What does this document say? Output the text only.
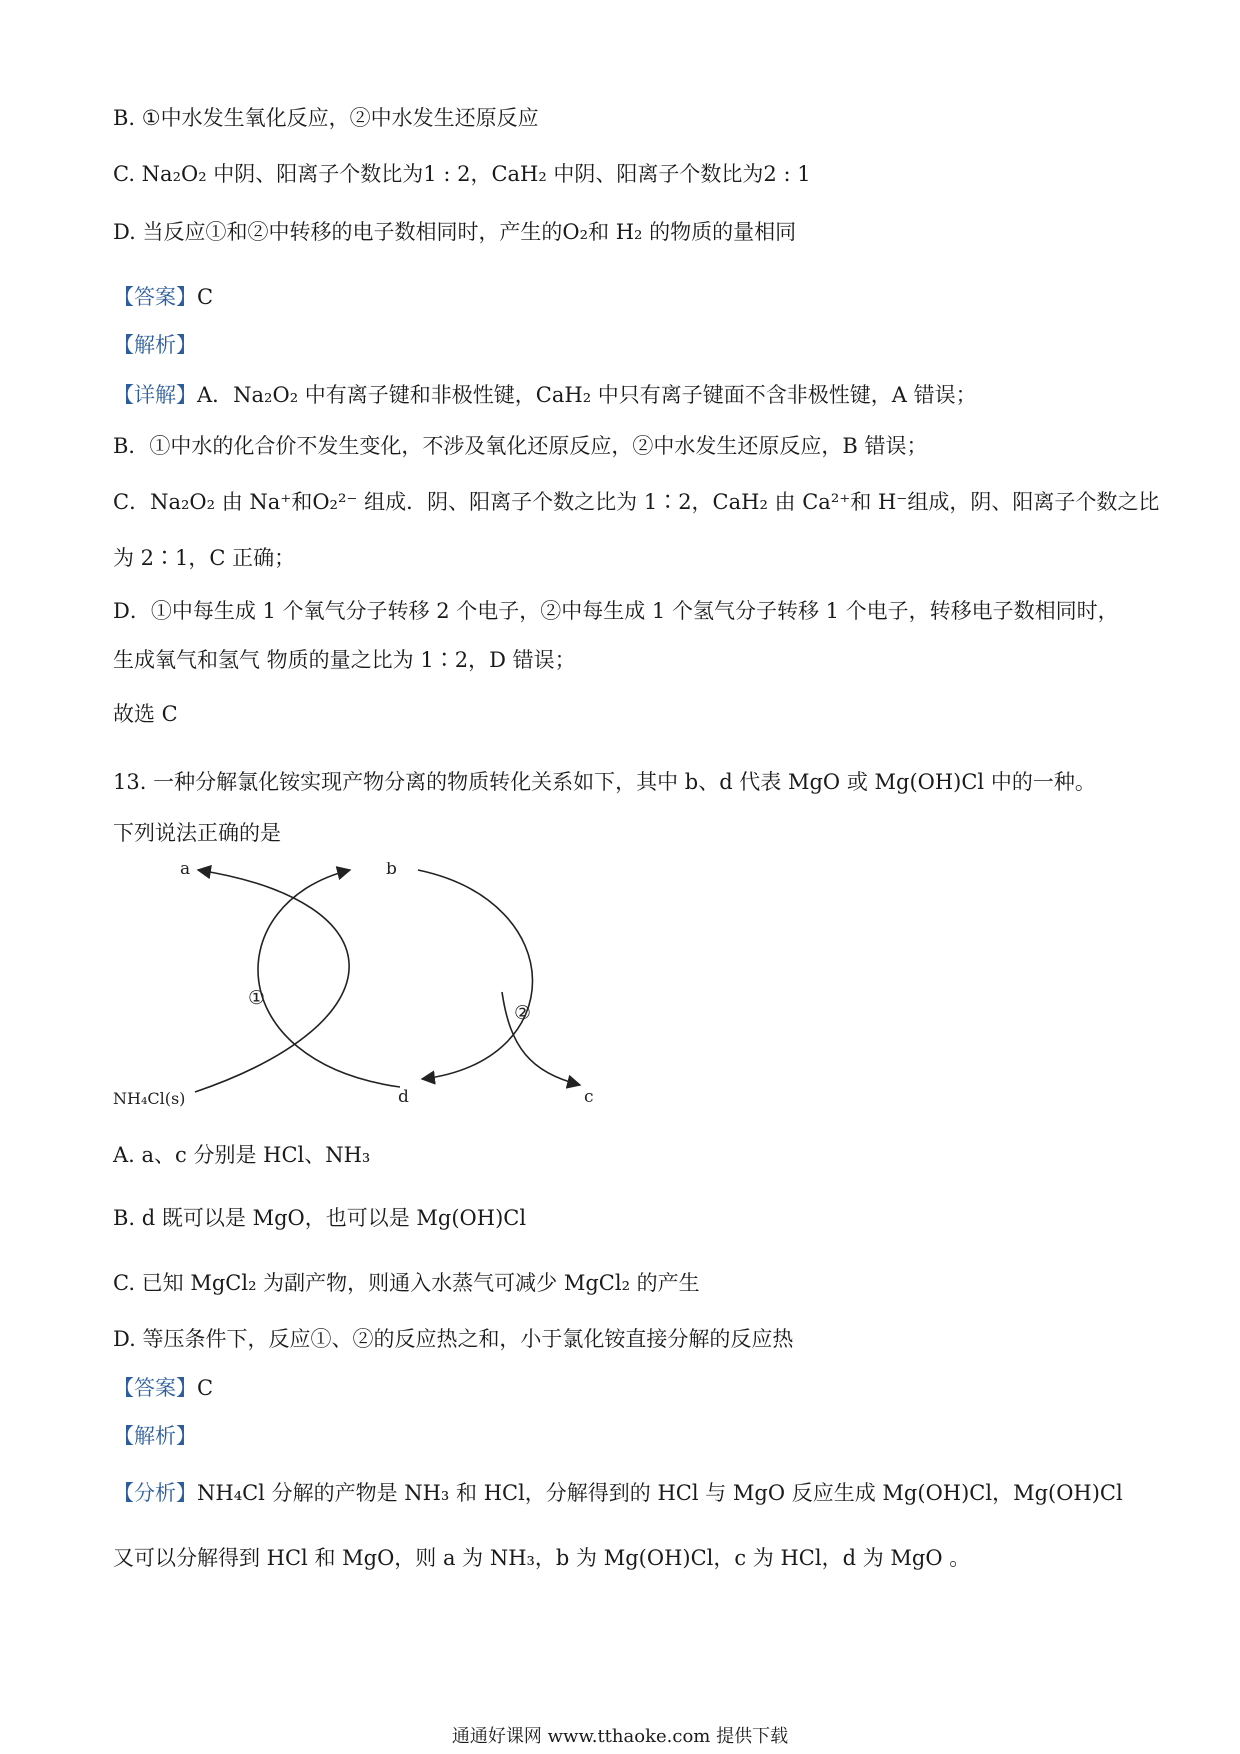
B. ①中水发生氧化反应，②中水发生还原反应
C. Na₂O₂ 中阴、阳离子个数比为1 : 2，CaH₂ 中阴、阳离子个数比为2 : 1
D. 当反应①和②中转移的电子数相同时，产生的O₂和 H₂ 的物质的量相同
【答案】C
【解析】
【详解】A．Na₂O₂ 中有离子键和非极性键，CaH₂ 中只有离子键面不含非极性键，A 错误；
B．①中水的化合价不发生变化，不涉及氧化还原反应，②中水发生还原反应，B 错误；
C．Na₂O₂ 由 Na⁺和O₂²⁻ 组成．阴、阳离子个数之比为 1∶2，CaH₂ 由 Ca²⁺和 H⁻组成，阴、阳离子个数之比
为 2∶1，C 正确；
D．①中每生成 1 个氧气分子转移 2 个电子，②中每生成 1 个氢气分子转移 1 个电子，转移电子数相同时，
生成氧气和氢气 物质的量之比为 1∶2，D 错误；
故选 C
13. 一种分解氯化铵实现产物分离的物质转化关系如下，其中 b、d 代表 MgO 或 Mg(OH)Cl 中的一种。
下列说法正确的是
a	b
NH₄Cl(s)	d	c
①
②
A. a、c 分别是 HCl、NH₃
B. d 既可以是 MgO，也可以是 Mg(OH)Cl
C. 已知 MgCl₂ 为副产物，则通入水蒸气可减少 MgCl₂ 的产生
D. 等压条件下，反应①、②的反应热之和，小于氯化铵直接分解的反应热
【答案】C
【解析】
【分析】NH₄Cl 分解的产物是 NH₃ 和 HCl，分解得到的 HCl 与 MgO 反应生成 Mg(OH)Cl，Mg(OH)Cl
又可以分解得到 HCl 和 MgO，则 a 为 NH₃，b 为 Mg(OH)Cl，c 为 HCl，d 为 MgO 。
通通好课网 www.tthaoke.com 提供下载
